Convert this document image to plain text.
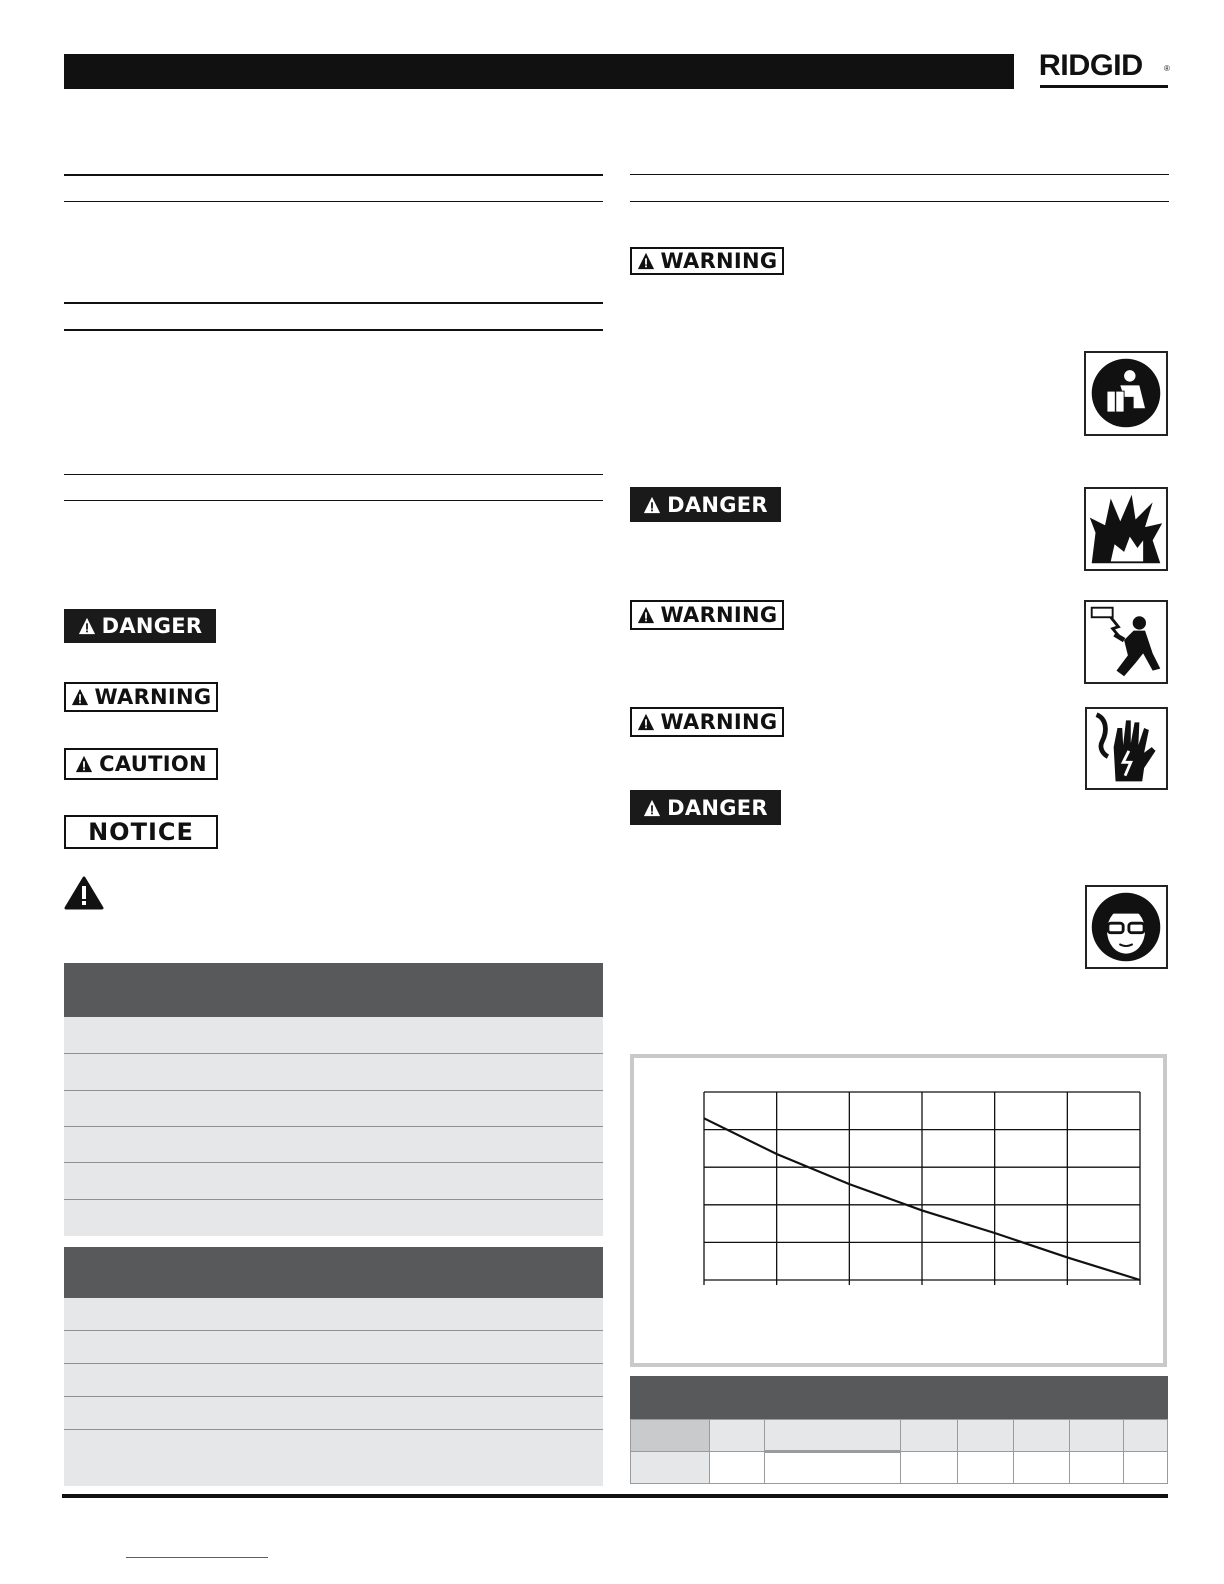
RIDGID	®
DANGER
WARNING
CAUTION
NOTICE
WARNING
DANGER
WARNING
WARNING
DANGER
